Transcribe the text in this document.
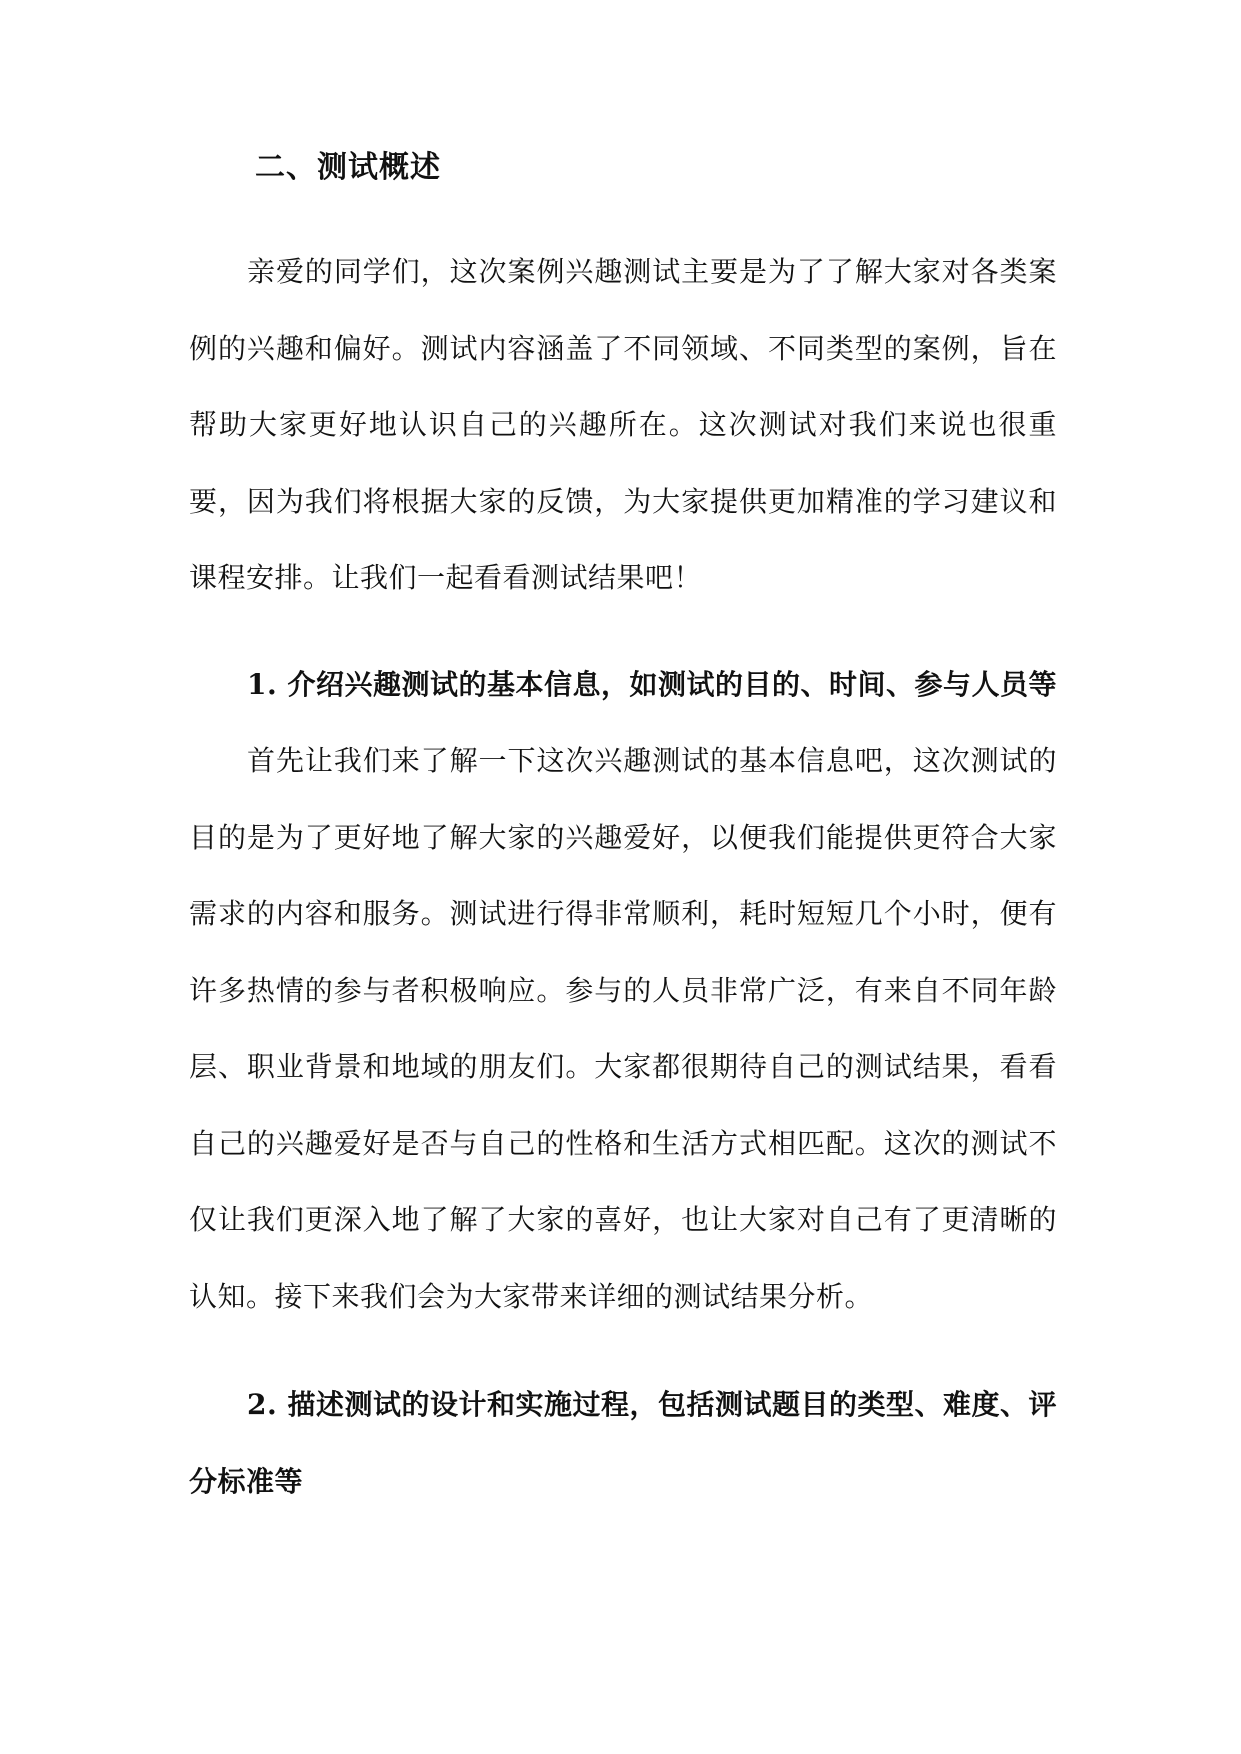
二、测试概述

亲爱的同学们，这次案例兴趣测试主要是为了了解大家对各类案例的兴趣和偏好。测试内容涵盖了不同领域、不同类型的案例，旨在帮助大家更好地认识自己的兴趣所在。这次测试对我们来说也很重要，因为我们将根据大家的反馈，为大家提供更加精准的学习建议和课程安排。让我们一起看看测试结果吧！

1. 介绍兴趣测试的基本信息，如测试的目的、时间、参与人员等

首先让我们来了解一下这次兴趣测试的基本信息吧，这次测试的目的是为了更好地了解大家的兴趣爱好，以便我们能提供更符合大家需求的内容和服务。测试进行得非常顺利，耗时短短几个小时，便有许多热情的参与者积极响应。参与的人员非常广泛，有来自不同年龄层、职业背景和地域的朋友们。大家都很期待自己的测试结果，看看自己的兴趣爱好是否与自己的性格和生活方式相匹配。这次的测试不仅让我们更深入地了解了大家的喜好，也让大家对自己有了更清晰的认知。接下来我们会为大家带来详细的测试结果分析。

2. 描述测试的设计和实施过程，包括测试题目的类型、难度、评分标准等
